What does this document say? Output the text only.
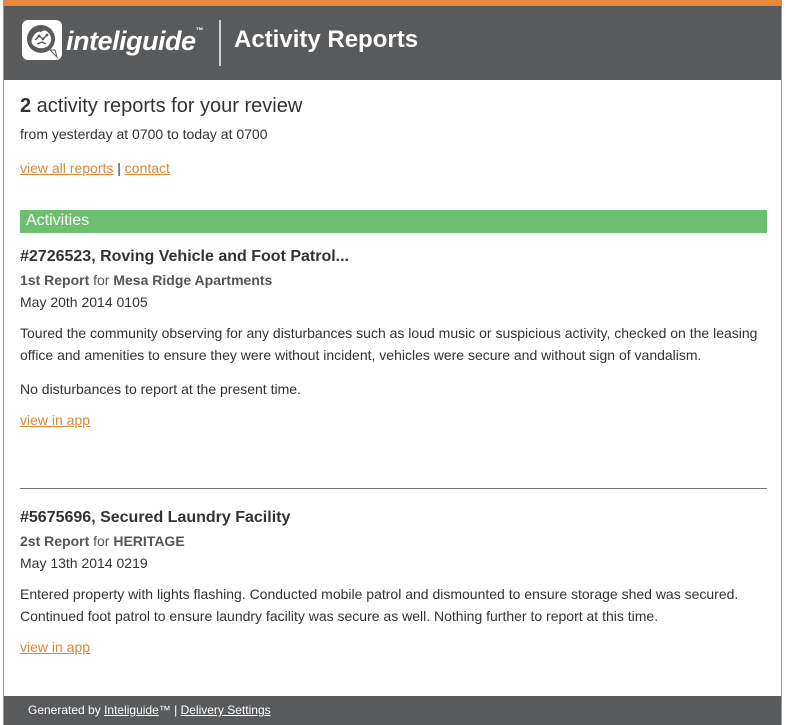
inteliguide™ Activity Reports
2 activity reports for your review
from yesterday at 0700 to today at 0700
view all reports | contact
Activities
#2726523, Roving Vehicle and Foot Patrol...
1st Report for Mesa Ridge Apartments
May 20th 2014 0105

Toured the community observing for any disturbances such as loud music or suspicious activity, checked on the leasing office and amenities to ensure they were without incident, vehicles were secure and without sign of vandalism.

No disturbances to report at the present time.

view in app
#5675696, Secured Laundry Facility
2st Report for HERITAGE
May 13th 2014 0219

Entered property with lights flashing. Conducted mobile patrol and dismounted to ensure storage shed was secured. Continued foot patrol to ensure laundry facility was secure as well. Nothing further to report at this time.

view in app
Generated by Inteliguide™ | Delivery Settings
